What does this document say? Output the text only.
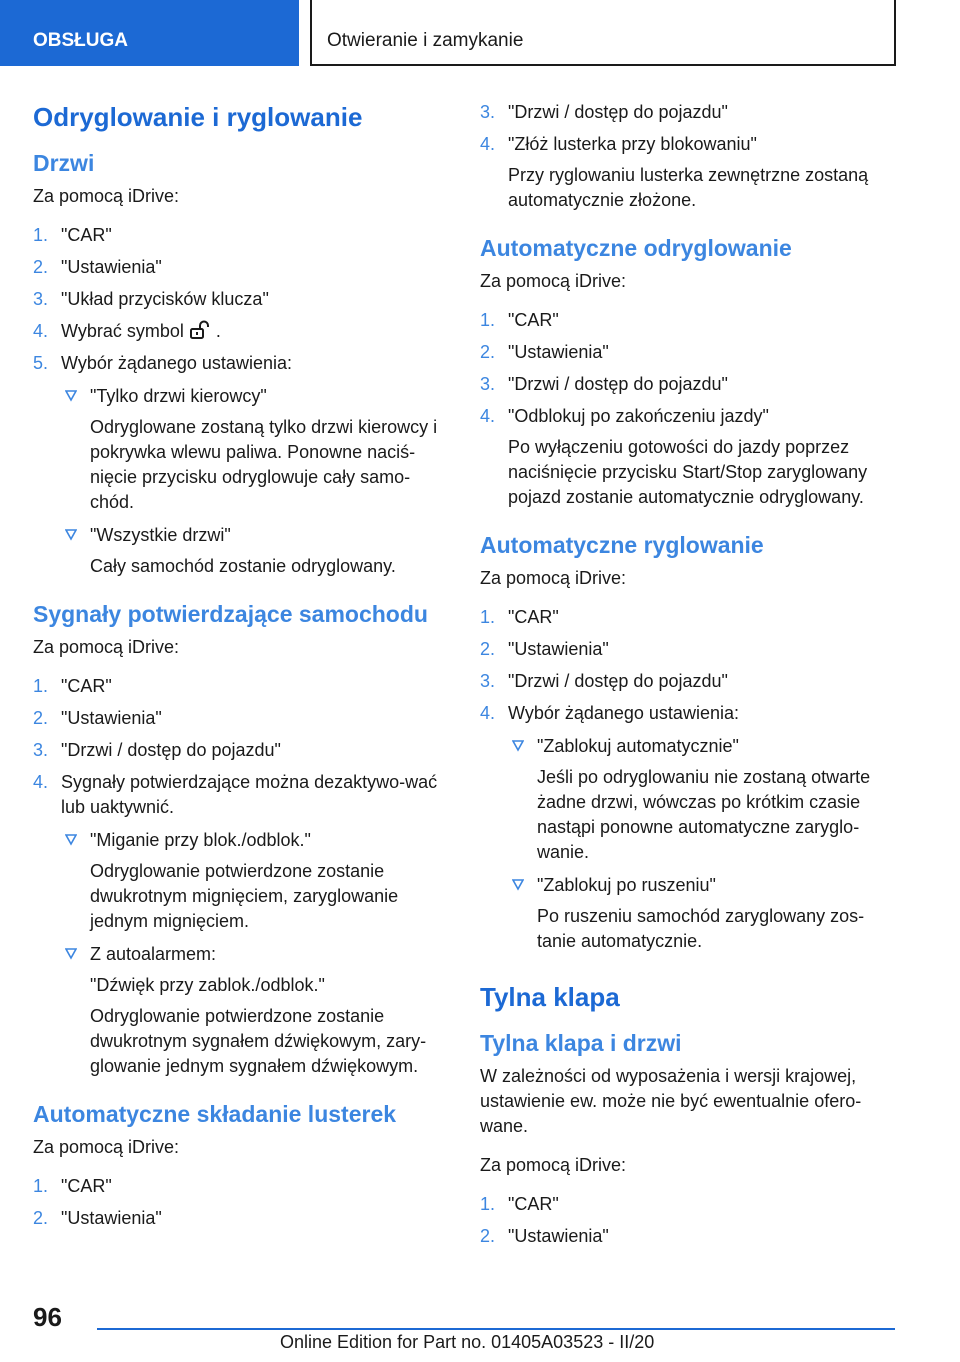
OBSŁUGA	Otwieranie i zamykanie
Odryglowanie i ryglowanie
Drzwi
Za pomocą iDrive:
1. "CAR"
2. "Ustawienia"
3. "Układ przycisków klucza"
4. Wybrać symbol .
5. Wybór żądanego ustawienia:
"Tylko drzwi kierowcy"
Odryglowane zostaną tylko drzwi kierowcy i pokrywka wlewu paliwa. Ponowne naciś‐nięcie przycisku odryglowuje cały samo‐chód.
"Wszystkie drzwi"
Cały samochód zostanie odryglowany.
Sygnały potwierdzające samochodu
Za pomocą iDrive:
1. "CAR"
2. "Ustawienia"
3. "Drzwi / dostęp do pojazdu"
4. Sygnały potwierdzające można dezaktywo‐wać lub uaktywnić.
"Miganie przy blok./odblok."
Odryglowanie potwierdzone zostanie dwukrotnym mignięciem, zaryglowanie jednym mignięciem.
Z autoalarmem:
"Dźwięk przy zablok./odblok."
Odryglowanie potwierdzone zostanie dwukrotnym sygnałem dźwiękowym, zary‐glowanie jednym sygnałem dźwiękowym.
Automatyczne składanie lusterek
Za pomocą iDrive:
1. "CAR"
2. "Ustawienia"
3. "Drzwi / dostęp do pojazdu"
4. "Złóż lusterka przy blokowaniu"
Przy ryglowaniu lusterka zewnętrzne zostaną automatycznie złożone.
Automatyczne odryglowanie
Za pomocą iDrive:
1. "CAR"
2. "Ustawienia"
3. "Drzwi / dostęp do pojazdu"
4. "Odblokuj po zakończeniu jazdy"
Po wyłączeniu gotowości do jazdy poprzez naciśnięcie przycisku Start/Stop zaryglowany pojazd zostanie automatycznie odryglowany.
Automatyczne ryglowanie
Za pomocą iDrive:
1. "CAR"
2. "Ustawienia"
3. "Drzwi / dostęp do pojazdu"
4. Wybór żądanego ustawienia:
"Zablokuj automatycznie"
Jeśli po odryglowaniu nie zostaną otwarte żadne drzwi, wówczas po krótkim czasie nastąpi ponowne automatyczne zaryglo‐wanie.
"Zablokuj po ruszeniu"
Po ruszeniu samochód zaryglowany zos‐tanie automatycznie.
Tylna klapa
Tylna klapa i drzwi
W zależności od wyposażenia i wersji krajowej, ustawienie ew. może nie być ewentualnie ofero‐wane.
Za pomocą iDrive:
1. "CAR"
2. "Ustawienia"
96
Online Edition for Part no. 01405A03523 - II/20
